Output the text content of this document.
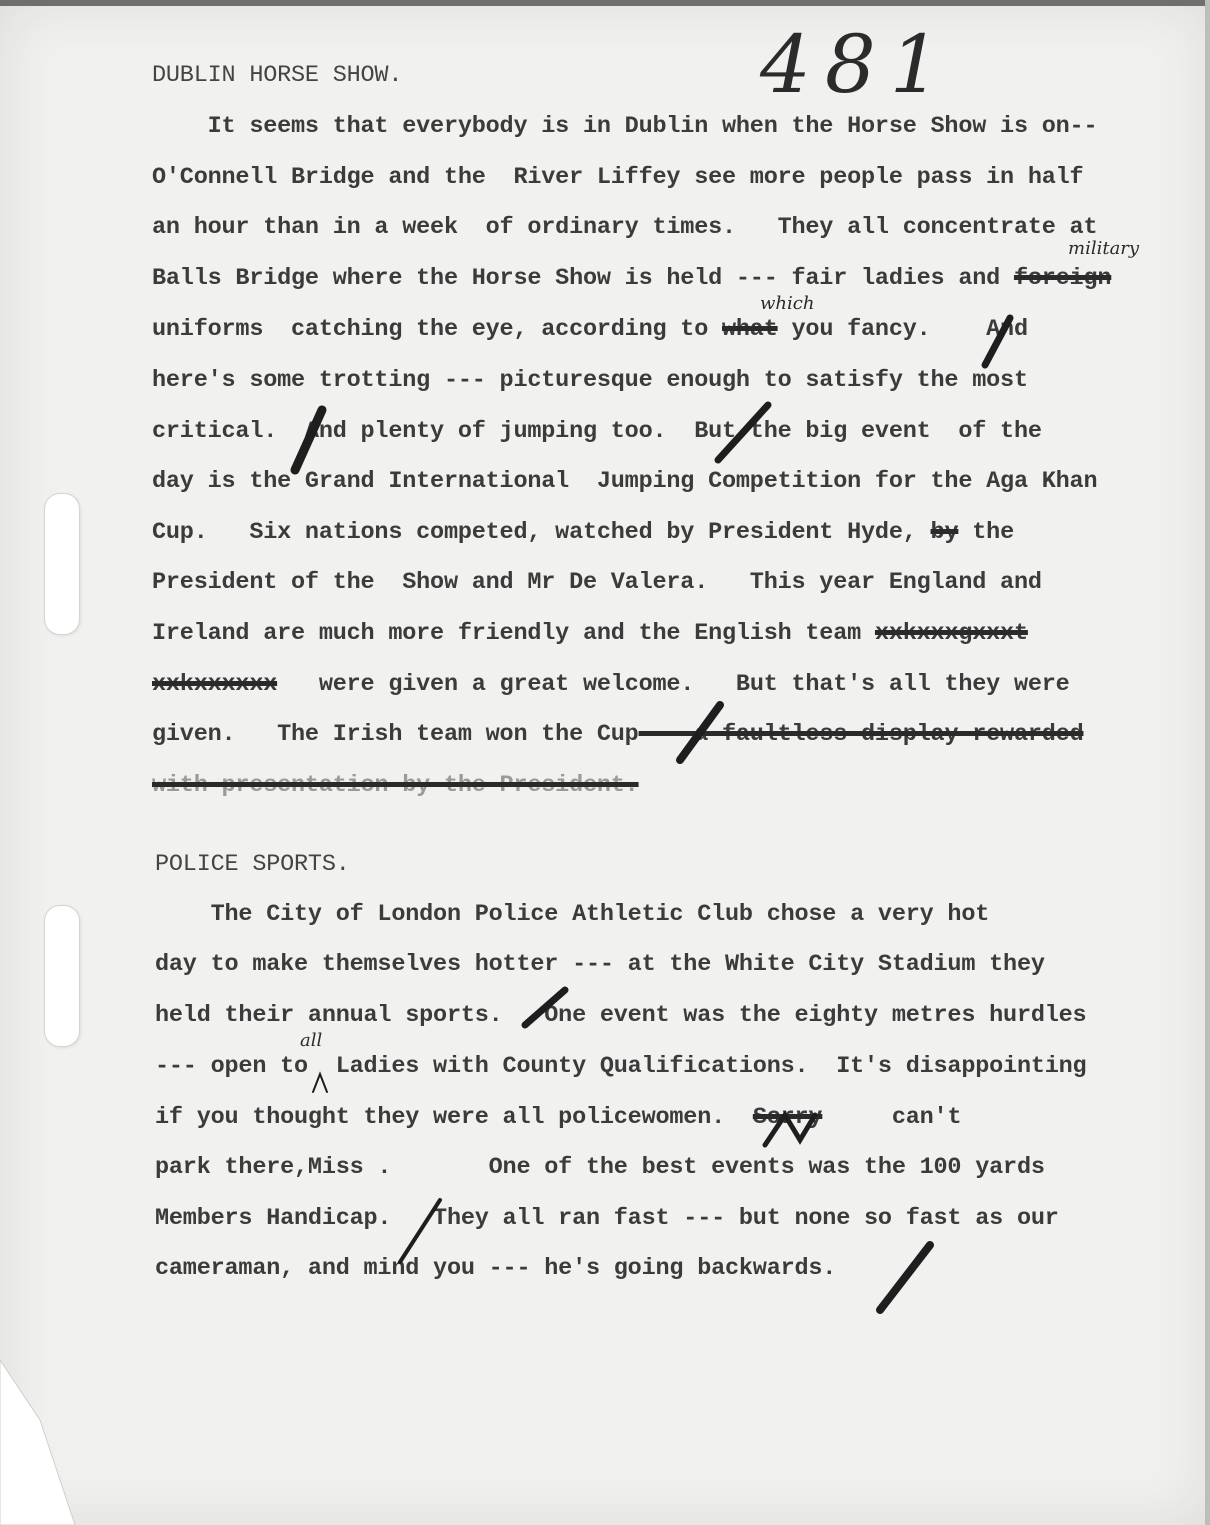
481
DUBLIN HORSE SHOW.
It seems that everybody is in Dublin when the Horse Show is on--
O'Connell Bridge and the  River Liffey see more people pass in half
an hour than in a week  of ordinary times.   They all concentrate at
Balls Bridge where the Horse Show is held --- fair ladies and foreign
military
uniforms  catching the eye, according to what you fancy.    And
which
here's some trotting --- picturesque enough to satisfy the most
critical.  And plenty of jumping too.  But the big event  of the
day is the Grand International  Jumping Competition for the Aga Khan
Cup.   Six nations competed, watched by President Hyde, by the
President of the  Show and Mr De Valera.   This year England and
Ireland are much more friendly and the English team xxkxxxgxxxt
xxkxxxxxx were given a great welcome.   But that's all they were
given.   The Irish team won the Cup--- a faultless display rewarded
with presentation by the President.
POLICE SPORTS.
The City of London Police Athletic Club chose a very hot
day to make themselves hotter --- at the White City Stadium they
held their annual sports.   One event was the eighty metres hurdles
--- open to  Ladies with County Qualifications.  It's disappointing
all
if you thought they were all policewomen. Sorry	can't
park there,Miss .       One of the best events was the 100 yards
Members Handicap.   They all ran fast --- but none so fast as our
cameraman, and mind you --- he's going backwards.
